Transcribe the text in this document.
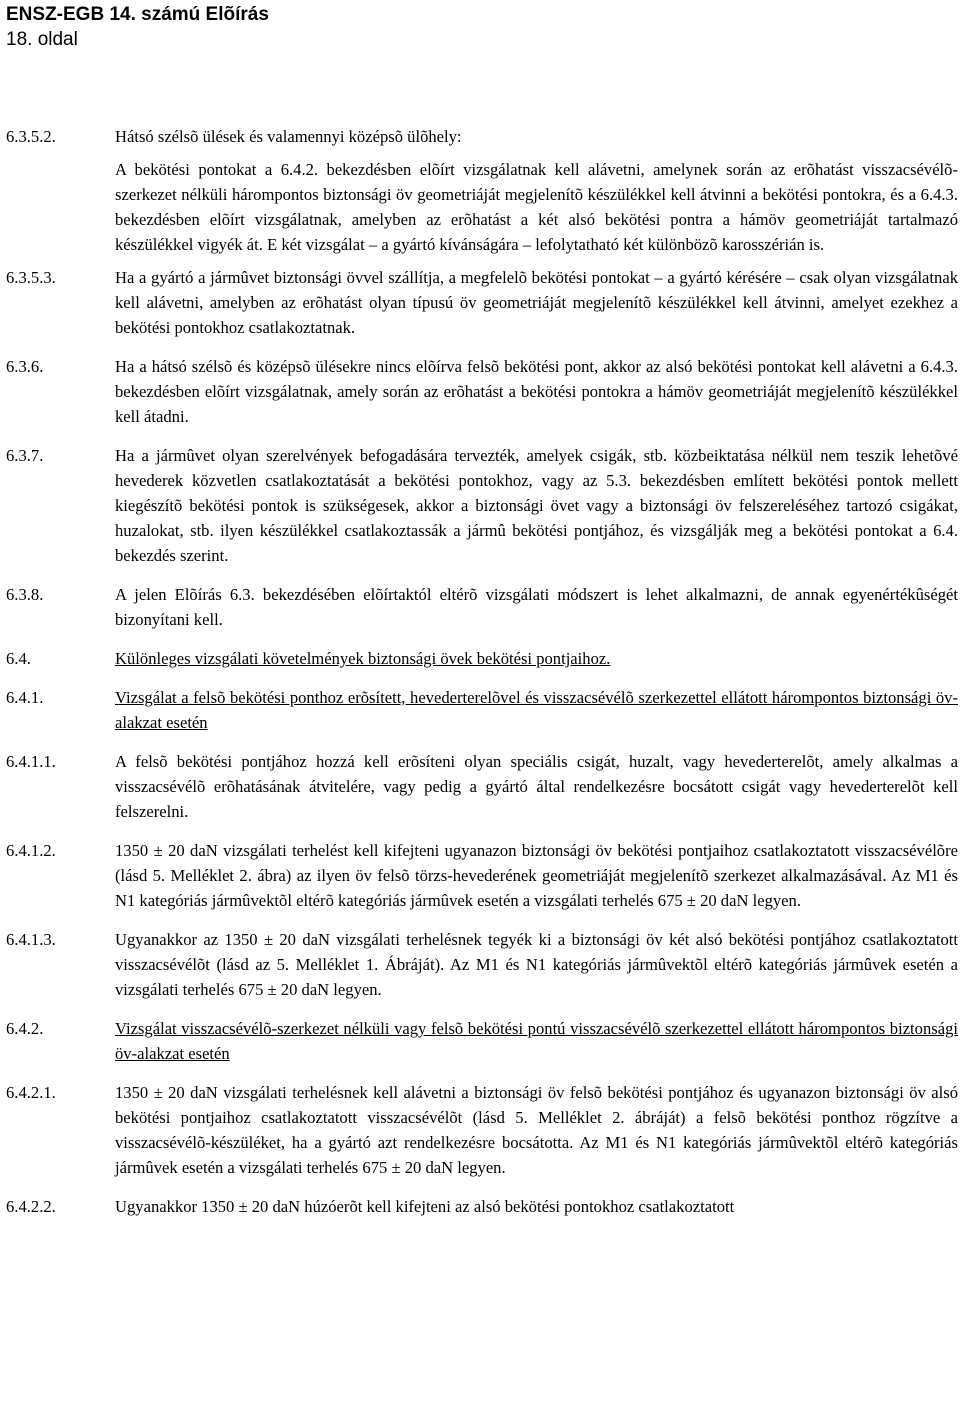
ENSZ-EGB 14. számú Elõírás
18. oldal
6.3.5.2.	Hátsó szélsõ ülések és valamennyi középsõ ülõhely:
A bekötési pontokat a 6.4.2. bekezdésben elõírt vizsgálatnak kell alávetni, amelynek során az erõhatást visszacsévélõ-szerkezet nélküli hárompontos biztonsági öv geometriáját megjelenítõ készülékkel kell átvinni a bekötési pontokra, és a 6.4.3. bekezdésben elõírt vizsgálatnak, amelyben az erõhatást a két alsó bekötési pontra a hámöv geometriáját tartalmazó készülékkel vigyék át. E két vizsgálat – a gyártó kívánságára – lefolytatható két különbözõ karosszérián is.
6.3.5.3.	Ha a gyártó a jármûvet biztonsági övvel szállítja, a megfelelõ bekötési pontokat – a gyártó kérésére – csak olyan vizsgálatnak kell alávetni, amelyben az erõhatást olyan típusú öv geometriáját megjelenítõ készülékkel kell átvinni, amelyet ezekhez a bekötési pontokhoz csatlakoztatnak.
6.3.6.	Ha a hátsó szélsõ és középsõ ülésekre nincs elõírva felsõ bekötési pont, akkor az alsó bekötési pontokat kell alávetni a 6.4.3. bekezdésben elõírt vizsgálatnak, amely során az erõhatást a bekötési pontokra a hámöv geometriáját megjelenítõ készülékkel kell átadni.
6.3.7.	Ha a jármûvet olyan szerelvények befogadására tervezték, amelyek csigák, stb. közbeiktatása nélkül nem teszik lehetõvé hevederek közvetlen csatlakoztatását a bekötési pontokhoz, vagy az 5.3. bekezdésben említett bekötési pontok mellett kiegészítõ bekötési pontok is szükségesek, akkor a biztonsági övet vagy a biztonsági öv felszereléséhez tartozó csigákat, huzalokat, stb. ilyen készülékkel csatlakoztassák a jármû bekötési pontjához, és vizsgálják meg a bekötési pontokat a 6.4. bekezdés szerint.
6.3.8.	A jelen Elõírás 6.3. bekezdésében elõírtaktól eltérõ vizsgálati módszert is lehet alkalmazni, de annak egyenértékûségét bizonyítani kell.
6.4.	Különleges vizsgálati követelmények biztonsági övek bekötési pontjaihoz.
6.4.1.	Vizsgálat a felsõ bekötési ponthoz erõsített, hevederterelõvel és visszacsévélõ szerkezettel ellátott hárompontos biztonsági öv-alakzat esetén
6.4.1.1.	A felsõ bekötési pontjához hozzá kell erõsíteni olyan speciális csigát, huzalt, vagy hevederterelõt, amely alkalmas a visszacsévélõ erõhatásának átvitelére, vagy pedig a gyártó által rendelkezésre bocsátott csigát vagy hevederterelõt kell felszerelni.
6.4.1.2.	1350 ± 20 daN vizsgálati terhelést kell kifejteni ugyanazon biztonsági öv bekötési pontjaihoz csatlakoztatott visszacsévélõre (lásd 5. Melléklet 2. ábra) az ilyen öv felsõ törzs-hevederének geometriáját megjelenítõ szerkezet alkalmazásával. Az M1 és N1 kategóriás jármûvektõl eltérõ kategóriás jármûvek esetén a vizsgálati terhelés 675 ± 20 daN legyen.
6.4.1.3.	Ugyanakkor az 1350 ± 20 daN vizsgálati terhelésnek tegyék ki a biztonsági öv két alsó bekötési pontjához csatlakoztatott visszacsévélõt (lásd az 5. Melléklet 1. Ábráját). Az M1 és N1 kategóriás jármûvektõl eltérõ kategóriás jármûvek esetén a vizsgálati terhelés 675 ± 20 daN legyen.
6.4.2.	Vizsgálat visszacsévélõ-szerkezet nélküli vagy felsõ bekötési pontú visszacsévélõ szerkezettel ellátott hárompontos biztonsági öv-alakzat esetén
6.4.2.1.	1350 ± 20 daN vizsgálati terhelésnek kell alávetni a biztonsági öv felsõ bekötési pontjához és ugyanazon biztonsági öv alsó bekötési pontjaihoz csatlakoztatott visszacsévélõt (lásd 5. Melléklet 2. ábráját) a felsõ bekötési ponthoz rögzítve a visszacsévélõ-készüléket, ha a gyártó azt rendelkezésre bocsátotta. Az M1 és N1 kategóriás jármûvektõl eltérõ kategóriás jármûvek esetén a vizsgálati terhelés 675 ± 20 daN legyen.
6.4.2.2.	Ugyanakkor 1350 ± 20 daN húzóerõt kell kifejteni az alsó bekötési pontokhoz csatlakoztatott
